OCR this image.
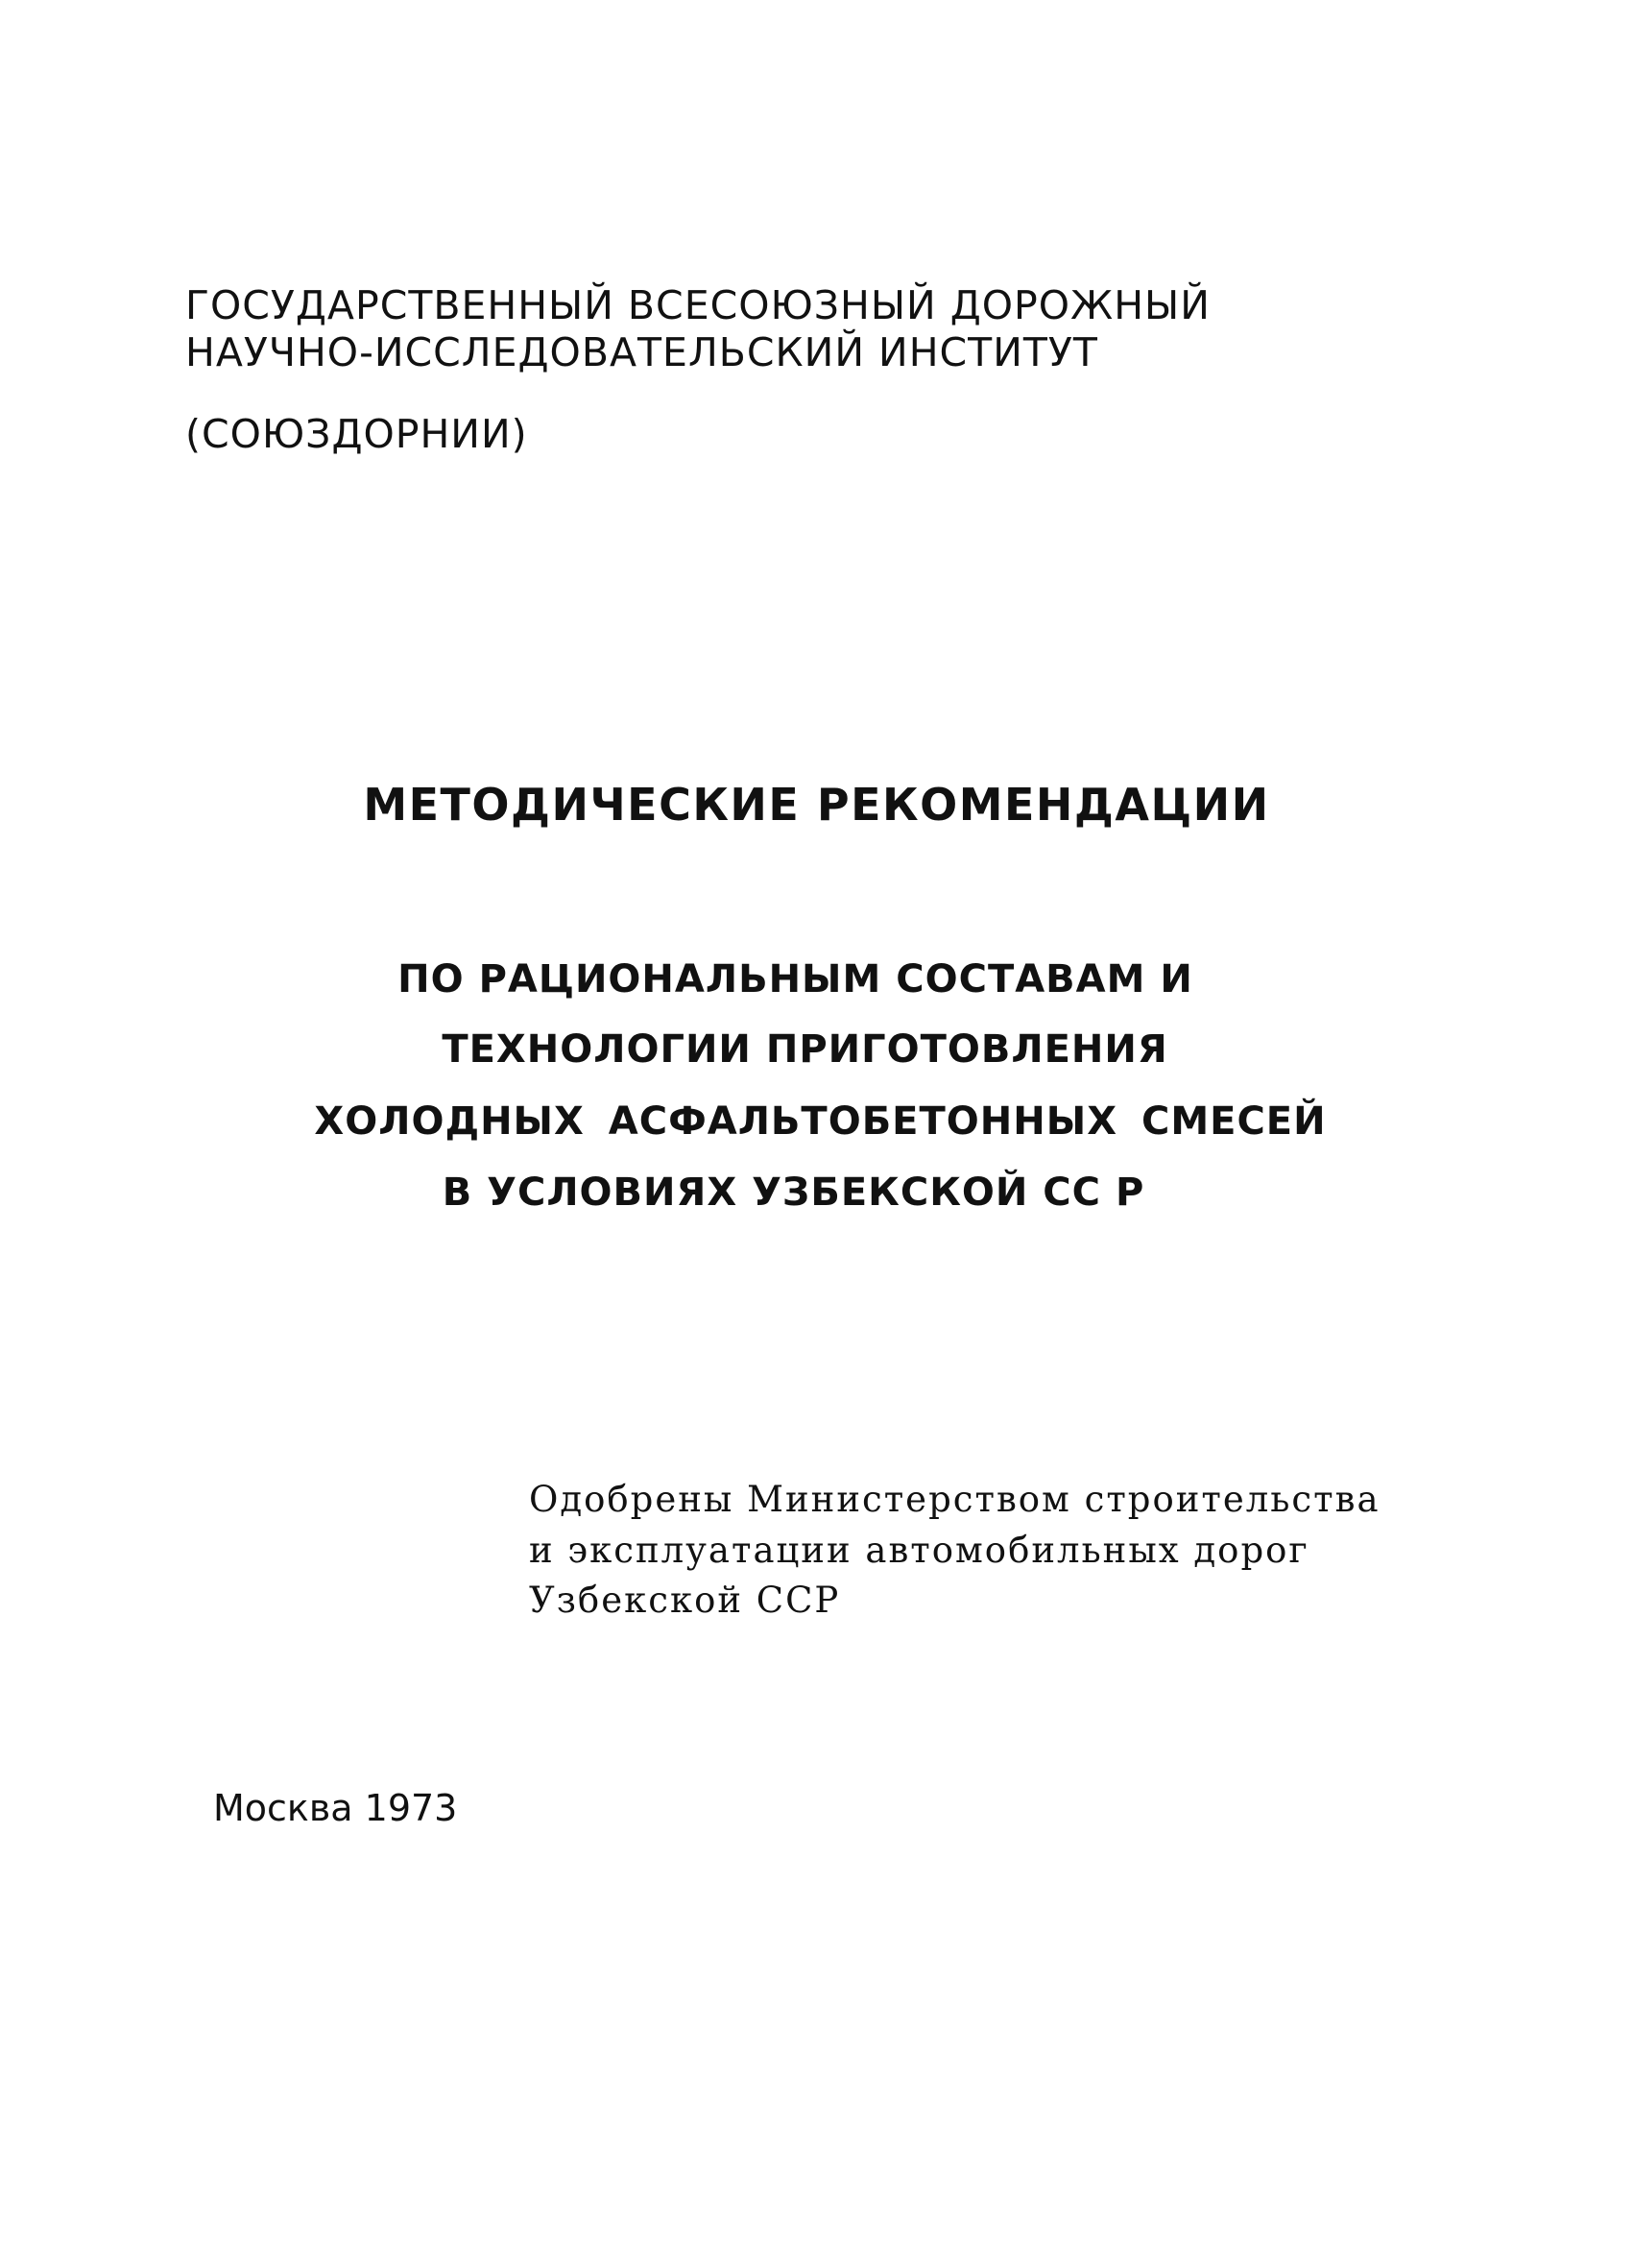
ГОСУДАРСТВЕННЫЙ ВСЕСОЮЗНЫЙ ДОРОЖНЫЙ
НАУЧНО-ИССЛЕДОВАТЕЛЬСКИЙ ИНСТИТУТ
(СОЮЗДОРНИИ)
МЕТОДИЧЕСКИЕ РЕКОМЕНДАЦИИ
ПО РАЦИОНАЛЬНЫМ СОСТАВАМ И
ТЕХНОЛОГИИ ПРИГОТОВЛЕНИЯ
ХОЛОДНЫХ АСФАЛЬТОБЕТОННЫХ СМЕСЕЙ
В УСЛОВИЯХ УЗБЕКСКОЙ СС Р
Одобрены Министерством строительства
и эксплуатации автомобильных дорог
Узбекской ССР
Москва 1973
